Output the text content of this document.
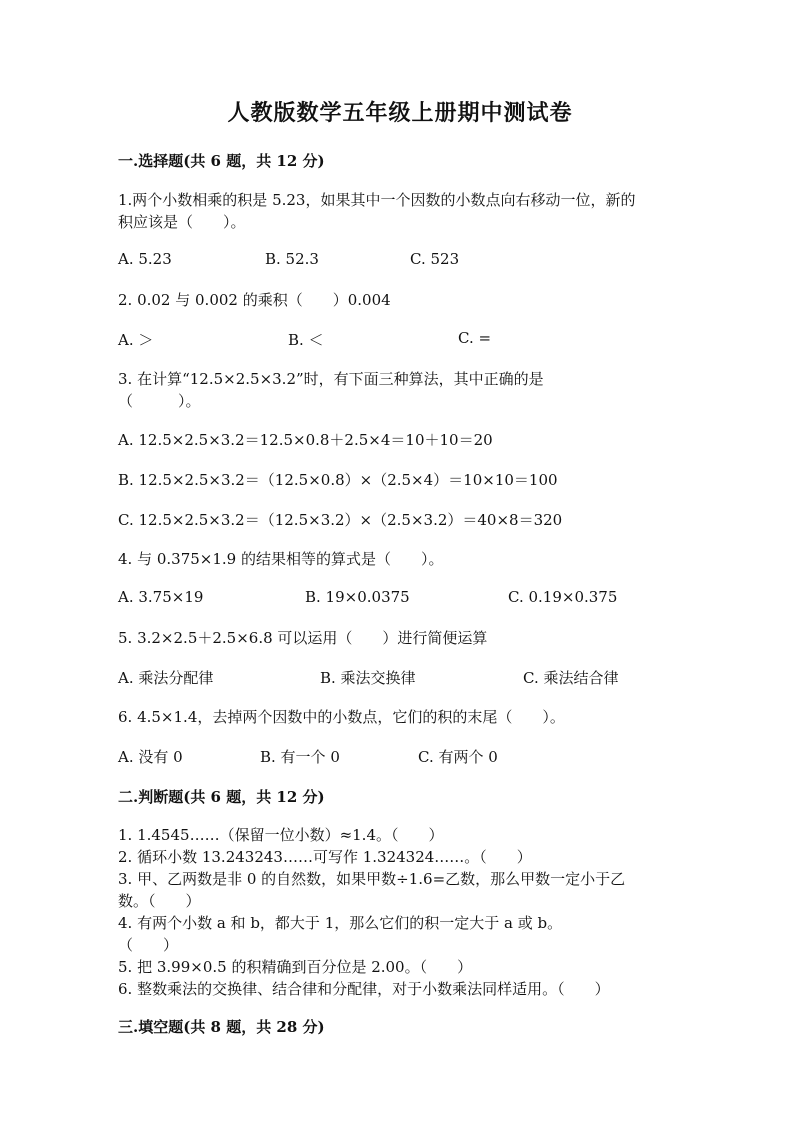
人教版数学五年级上册期中测试卷
一.选择题(共 6 题，共 12 分)
1.两个小数相乘的积是 5.23，如果其中一个因数的小数点向右移动一位，新的
积应该是（　　）。
A. 5.23	B. 52.3	C. 523
2. 0.02 与 0.002 的乘积（　　）0.004
A. ＞	B. ＜	C. =
3. 在计算“12.5×2.5×3.2”时，有下面三种算法，其中正确的是
（　　　）。
A. 12.5×2.5×3.2＝12.5×0.8＋2.5×4＝10＋10＝20
B. 12.5×2.5×3.2＝（12.5×0.8）×（2.5×4）＝10×10＝100
C. 12.5×2.5×3.2＝（12.5×3.2）×（2.5×3.2）＝40×8＝320
4. 与 0.375×1.9 的结果相等的算式是（　　）。
A. 3.75×19	B. 19×0.0375	C. 0.19×0.375
5. 3.2×2.5＋2.5×6.8 可以运用（　　）进行简便运算
A. 乘法分配律	B. 乘法交换律	C. 乘法结合律
6. 4.5×1.4，去掉两个因数中的小数点，它们的积的末尾（　　）。
A. 没有 0	B. 有一个 0	C. 有两个 0
二.判断题(共 6 题，共 12 分)
1. 1.4545……（保留一位小数）≈1.4。（　　）
2. 循环小数 13.243243……可写作 1.324324……。（　　）
3. 甲、乙两数是非 0 的自然数，如果甲数÷1.6=乙数，那么甲数一定小于乙
数。（　　）
4. 有两个小数 a 和 b，都大于 1，那么它们的积一定大于 a 或 b。
（　　）
5. 把 3.99×0.5 的积精确到百分位是 2.00。（　　）
6. 整数乘法的交换律、结合律和分配律，对于小数乘法同样适用。（　　）
三.填空题(共 8 题，共 28 分)
